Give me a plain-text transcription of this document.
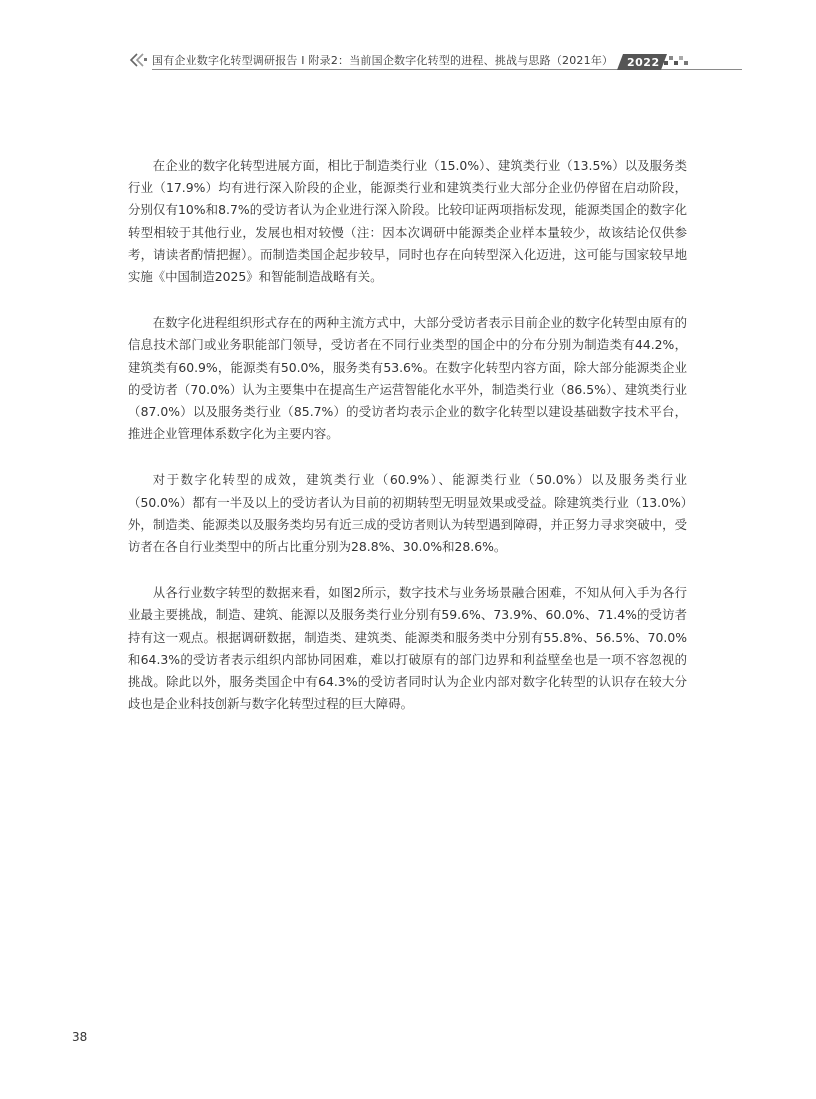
国有企业数字化转型调研报告 Ⅰ 附录2：当前国企数字化转型的进程、挑战与思路（2021年） 2022

在企业的数字化转型进展方面，相比于制造类行业（15.0%）、建筑类行业（13.5%）以及服务类行业（17.9%）均有进行深入阶段的企业，能源类行业和建筑类行业大部分企业仍停留在启动阶段，分别仅有10%和8.7%的受访者认为企业进行深入阶段。比较印证两项指标发现，能源类国企的数字化转型相较于其他行业，发展也相对较慢（注：因本次调研中能源类企业样本量较少，故该结论仅供参考，请读者酌情把握）。而制造类国企起步较早，同时也存在向转型深入化迈进，这可能与国家较早地实施《中国制造2025》和智能制造战略有关。

在数字化进程组织形式存在的两种主流方式中，大部分受访者表示目前企业的数字化转型由原有的信息技术部门或业务职能部门领导，受访者在不同行业类型的国企中的分布分别为制造类有44.2%，建筑类有60.9%，能源类有50.0%，服务类有53.6%。在数字化转型内容方面，除大部分能源类企业的受访者（70.0%）认为主要集中在提高生产运营智能化水平外，制造类行业（86.5%）、建筑类行业（87.0%）以及服务类行业（85.7%）的受访者均表示企业的数字化转型以建设基础数字技术平台，推进企业管理体系数字化为主要内容。

对于数字化转型的成效，建筑类行业（60.9%）、能源类行业（50.0%）以及服务类行业（50.0%）都有一半及以上的受访者认为目前的初期转型无明显效果或受益。除建筑类行业（13.0%）外，制造类、能源类以及服务类均另有近三成的受访者则认为转型遇到障碍，并正努力寻求突破中，受访者在各自行业类型中的所占比重分别为28.8%、30.0%和28.6%。

从各行业数字转型的数据来看，如图2所示，数字技术与业务场景融合困难，不知从何入手为各行业最主要挑战，制造、建筑、能源以及服务类行业分别有59.6%、73.9%、60.0%、71.4%的受访者持有这一观点。根据调研数据，制造类、建筑类、能源类和服务类中分别有55.8%、56.5%、70.0%和64.3%的受访者表示组织内部协同困难，难以打破原有的部门边界和利益壁垒也是一项不容忽视的挑战。除此以外，服务类国企中有64.3%的受访者同时认为企业内部对数字化转型的认识存在较大分歧也是企业科技创新与数字化转型过程的巨大障碍。

38
